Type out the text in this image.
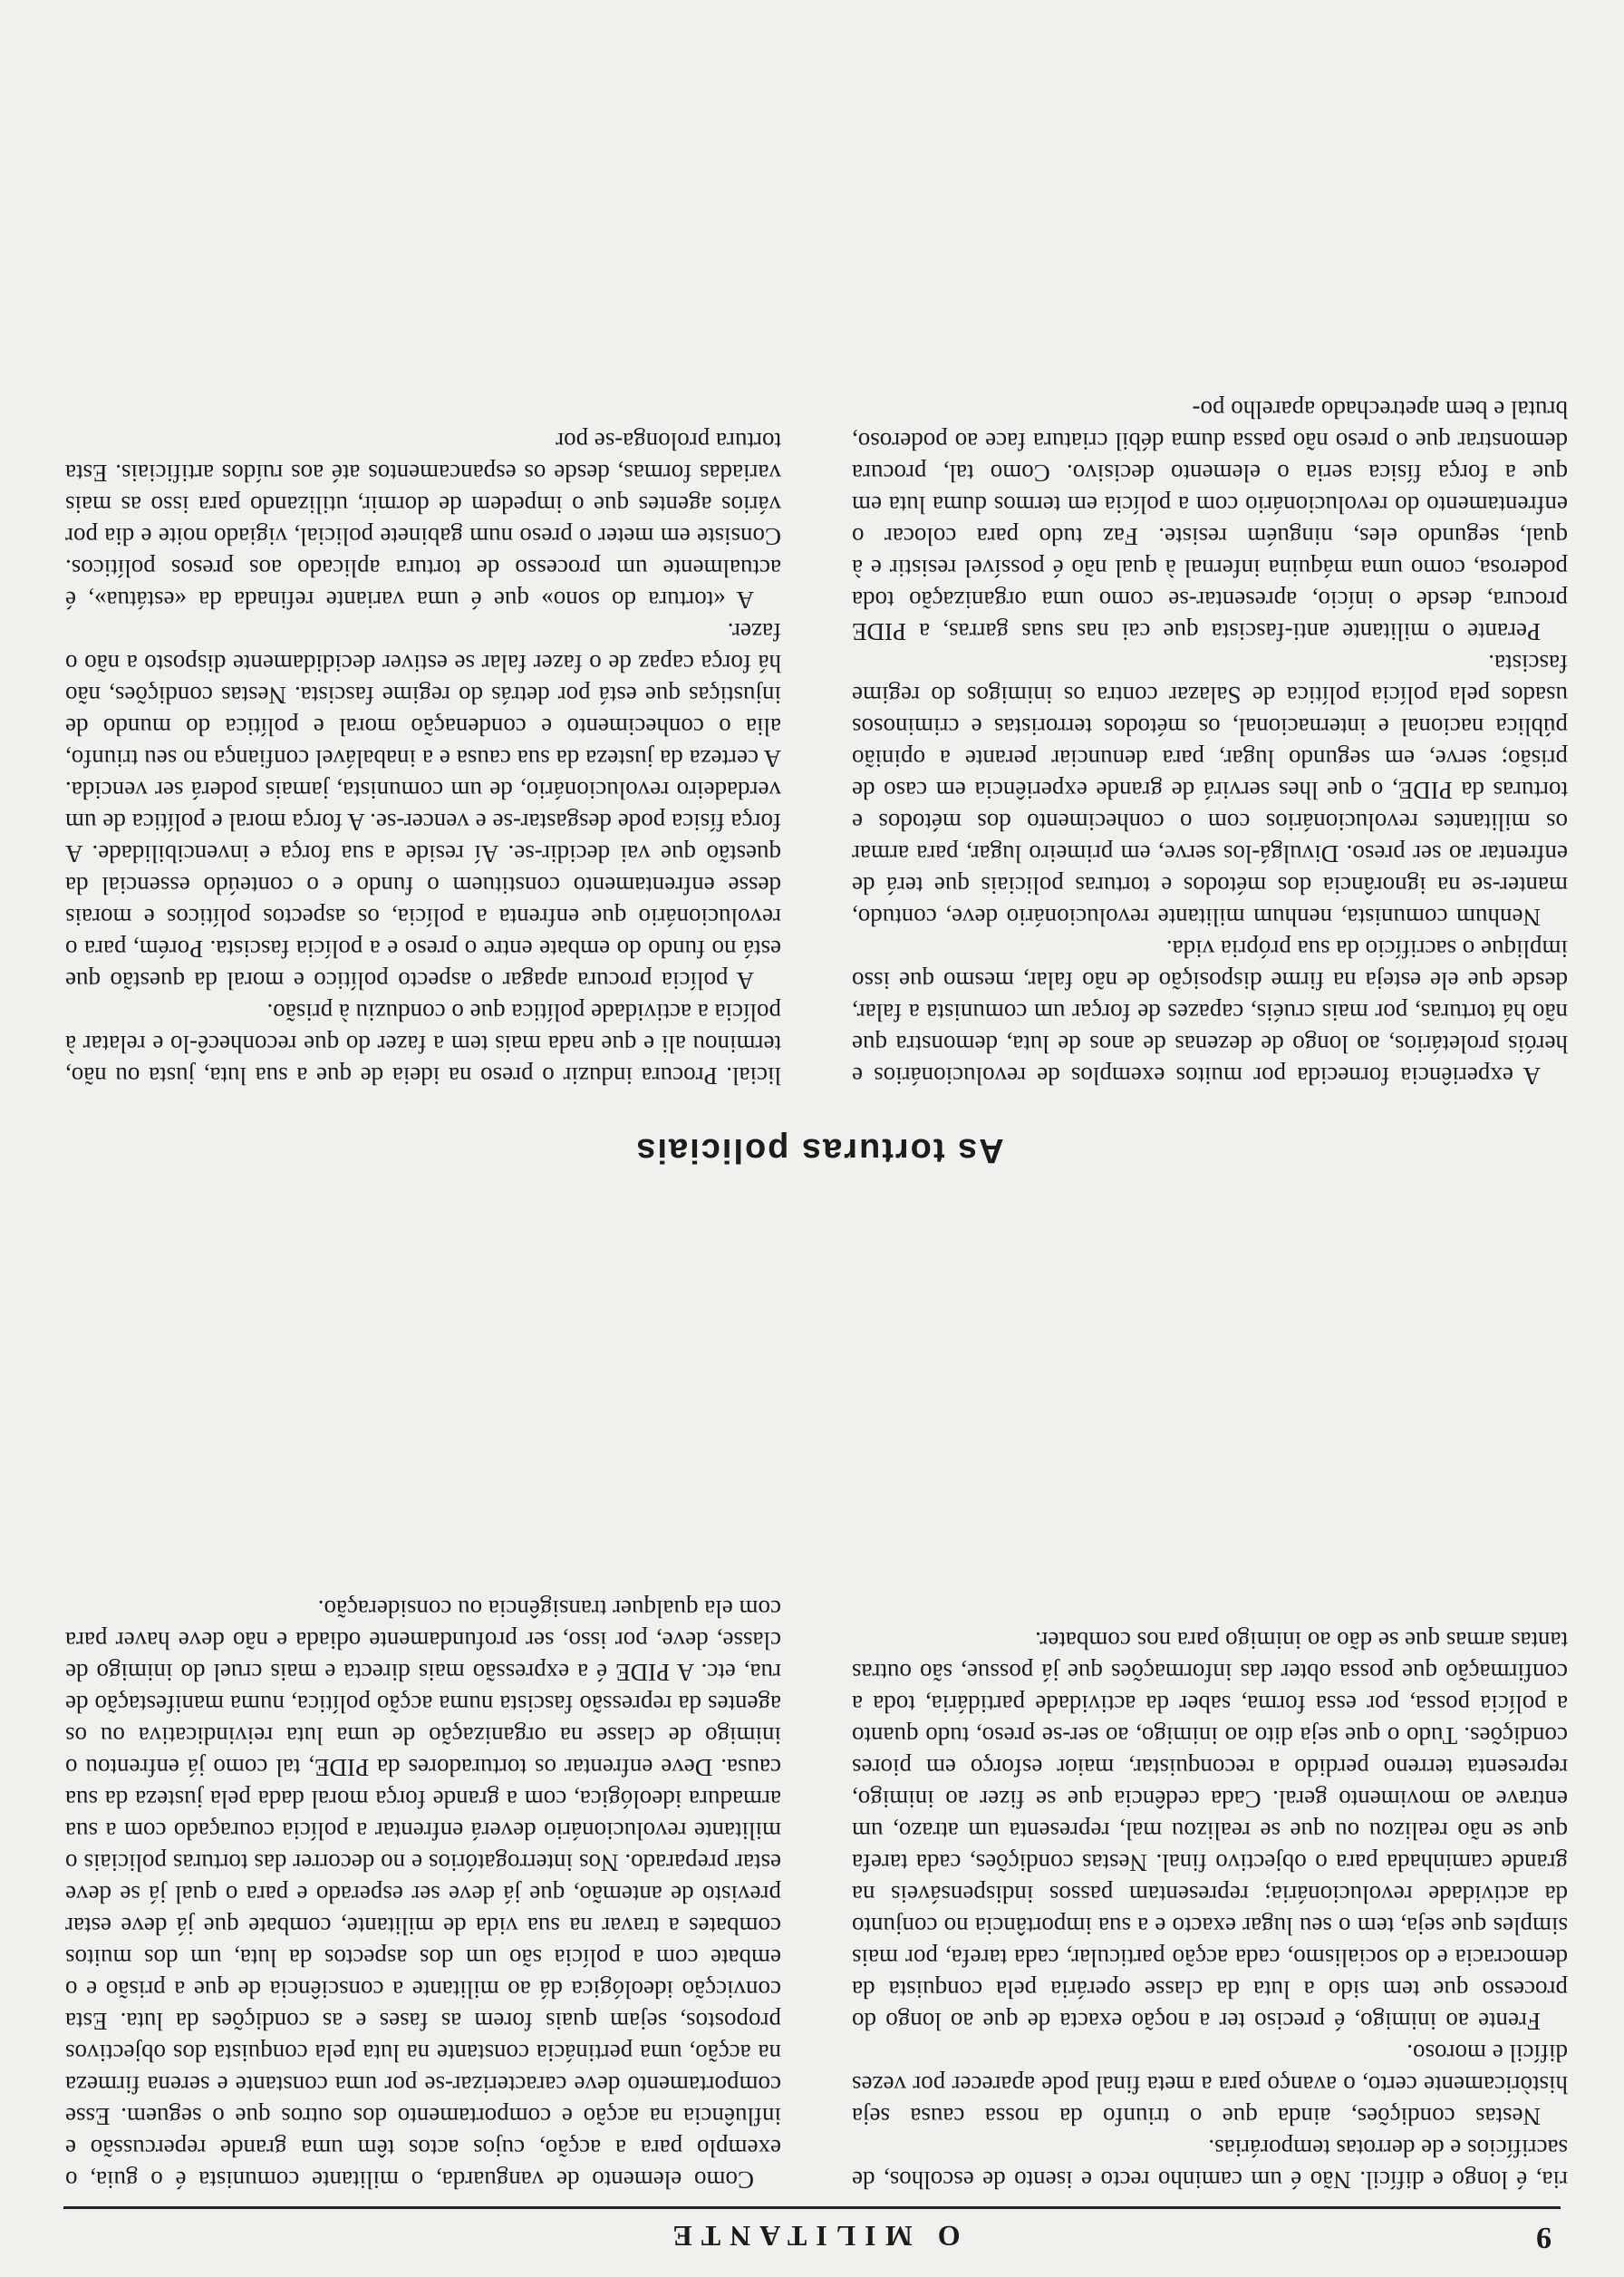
9
O MILITANTE

ria, é longo e difícil. Não é um caminho recto e isento de escolhos, de sacrifícios e de derrotas temporárias.

Nestas condições, ainda que o triunfo da nossa causa seja històricamente certo, o avanço para a meta final pode aparecer por vezes difícil e moroso.

Frente ao inimigo, é preciso ter a noção exacta de que ao longo do processo que tem sido a luta da classe operária pela conquista da democracia e do socialismo, cada acção particular, cada tarefa, por mais simples que seja, tem o seu lugar exacto e a sua importância no conjunto da actividade revolucionária; representam passos indispensáveis na grande caminhada para o objectivo final. Nestas condições, cada tarefa que se não realizou ou que se realizou mal, representa um atrazo, um entrave ao movimento geral. Cada cedência que se fizer ao inimigo, representa terreno perdido a reconquistar, maior esforço em piores condições. Tudo o que seja dito ao inimigo, ao ser-se preso, tudo quanto a polícia possa, por essa forma, saber da actividade partidária, toda a confirmação que possa obter das informações que já possue, são outras tantas armas que se dão ao inimigo para nos combater.

Como elemento de vanguarda, o militante comunista é o guia, o exemplo para a acção, cujos actos têm uma grande repercussão e influência na acção e comportamento dos outros que o seguem. Esse comportamento deve caracterizar-se por uma constante e serena firmeza na acção, uma pertinácia constante na luta pela conquista dos objectivos propostos, sejam quais forem as fases e as condições da luta. Esta convicção ideológica dá ao militante a consciência de que a prisão e o embate com a polícia são um dos aspectos da luta, um dos muitos combates a travar na sua vida de militante, combate que já deve estar previsto de antemão, que já deve ser esperado e para o qual já se deve estar preparado. Nos interrogatórios e no decorrer das torturas policiais o militante revolucionário deverá enfrentar a polícia couraçado com a sua armadura ideológica, com a grande força moral dada pela justeza da sua causa. Deve enfrentar os torturadores da PIDE, tal como já enfrentou o inimigo de classe na organização de uma luta reivindicativa ou os agentes da repressão fascista numa acção política, numa manifestação de rua, etc. A PIDE é a expressão mais directa e mais cruel do inimigo de classe, deve, por isso, ser profundamente odiada e não deve haver para com ela qualquer transigência ou consideração.

As torturas policiais

A experiência fornecida por muitos exemplos de revolucionários e heróis proletários, ao longo de dezenas de anos de luta, demonstra que não há torturas, por mais cruéis, capazes de forçar um comunista a falar, desde que ele esteja na firme disposição de não falar, mesmo que isso implique o sacrifício da sua própria vida.

Nenhum comunista, nenhum militante revolucionário deve, contudo, manter-se na ignorância dos métodos e torturas policiais que terá de enfrentar ao ser preso. Divulgá-los serve, em primeiro lugar, para armar os militantes revolucionários com o conhecimento dos métodos e torturas da PIDE, o que lhes servirá de grande experiência em caso de prisão; serve, em segundo lugar, para denunciar perante a opinião pública nacional e internacional, os métodos terroristas e criminosos usados pela polícia política de Salazar contra os inimigos do regime fascista.

Perante o militante anti-fascista que cai nas suas garras, a PIDE procura, desde o início, apresentar-se como uma organização toda poderosa, como uma máquina infernal à qual não é possível resistir e à qual, segundo eles, ninguém resiste. Faz tudo para colocar o enfrentamento do revolucionário com a polícia em termos duma luta em que a força física seria o elemento decisivo. Como tal, procura demonstrar que o preso não passa duma débil criatura face ao poderoso, brutal e bem apetrechado aparelho po-

licial. Procura induzir o preso na ideia de que a sua luta, justa ou não, terminou ali e que nada mais tem a fazer do que reconhecê-lo e relatar à polícia a actividade política que o conduziu à prisão.

A polícia procura apagar o aspecto político e moral da questão que está no fundo do embate entre o preso e a polícia fascista. Porém, para o revolucionário que enfrenta a polícia, os aspectos políticos e morais desse enfrentamento constituem o fundo e o conteúdo essencial da questão que vai decidir-se. Aí reside a sua força e invencibilidade. A força física pode desgastar-se e vencer-se. A força moral e política de um verdadeiro revolucionário, de um comunista, jamais poderá ser vencida. A certeza da justeza da sua causa e a inabalável confiança no seu triunfo, alia o conhecimento e condenação moral e política do mundo de injustiças que está por detrás do regime fascista. Nestas condições, não há força capaz de o fazer falar se estiver decididamente disposto a não o fazer.

A «tortura do sono» que é uma variante refinada da «estátua», é actualmente um processo de tortura aplicado aos presos políticos. Consiste em meter o preso num gabinete policial, vigiado noite e dia por vários agentes que o impedem de dormir, utilizando para isso as mais variadas formas, desde os espancamentos até aos ruídos artificiais. Esta tortura prolonga-se por
